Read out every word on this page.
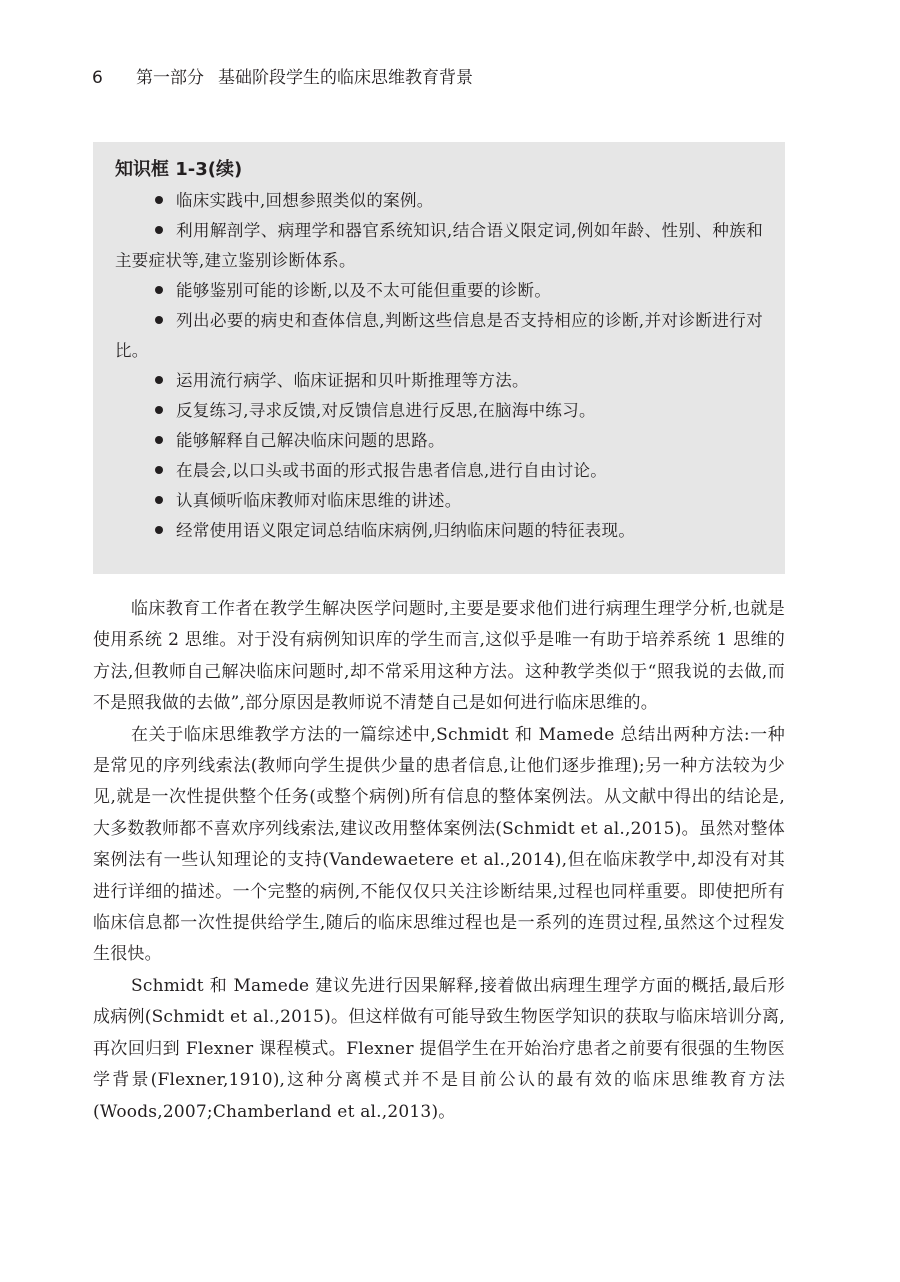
6 第一部分 基础阶段学生的临床思维教育背景
知识框 1-3(续)
临床实践中,回想参照类似的案例。
利用解剖学、病理学和器官系统知识,结合语义限定词,例如年龄、性别、种族和主要症状等,建立鉴别诊断体系。
能够鉴别可能的诊断,以及不太可能但重要的诊断。
列出必要的病史和查体信息,判断这些信息是否支持相应的诊断,并对诊断进行对比。
运用流行病学、临床证据和贝叶斯推理等方法。
反复练习,寻求反馈,对反馈信息进行反思,在脑海中练习。
能够解释自己解决临床问题的思路。
在晨会,以口头或书面的形式报告患者信息,进行自由讨论。
认真倾听临床教师对临床思维的讲述。
经常使用语义限定词总结临床病例,归纳临床问题的特征表现。

临床教育工作者在教学生解决医学问题时,主要是要求他们进行病理生理学分析,也就是使用系统 2 思维。对于没有病例知识库的学生而言,这似乎是唯一有助于培养系统 1 思维的方法,但教师自己解决临床问题时,却不常采用这种方法。这种教学类似于“照我说的去做,而不是照我做的去做”,部分原因是教师说不清楚自己是如何进行临床思维的。

在关于临床思维教学方法的一篇综述中,Schmidt 和 Mamede 总结出两种方法:一种是常见的序列线索法(教师向学生提供少量的患者信息,让他们逐步推理);另一种方法较为少见,就是一次性提供整个任务(或整个病例)所有信息的整体案例法。从文献中得出的结论是,大多数教师都不喜欢序列线索法,建议改用整体案例法(Schmidt et al.,2015)。虽然对整体案例法有一些认知理论的支持(Vandewaetere et al.,2014),但在临床教学中,却没有对其进行详细的描述。一个完整的病例,不能仅仅只关注诊断结果,过程也同样重要。即使把所有临床信息都一次性提供给学生,随后的临床思维过程也是一系列的连贯过程,虽然这个过程发生很快。

Schmidt 和 Mamede 建议先进行因果解释,接着做出病理生理学方面的概括,最后形成病例(Schmidt et al.,2015)。但这样做有可能导致生物医学知识的获取与临床培训分离,再次回归到 Flexner 课程模式。Flexner 提倡学生在开始治疗患者之前要有很强的生物医学背景(Flexner,1910),这种分离模式并不是目前公认的最有效的临床思维教育方法(Woods,2007;Chamberland et al.,2013)。
